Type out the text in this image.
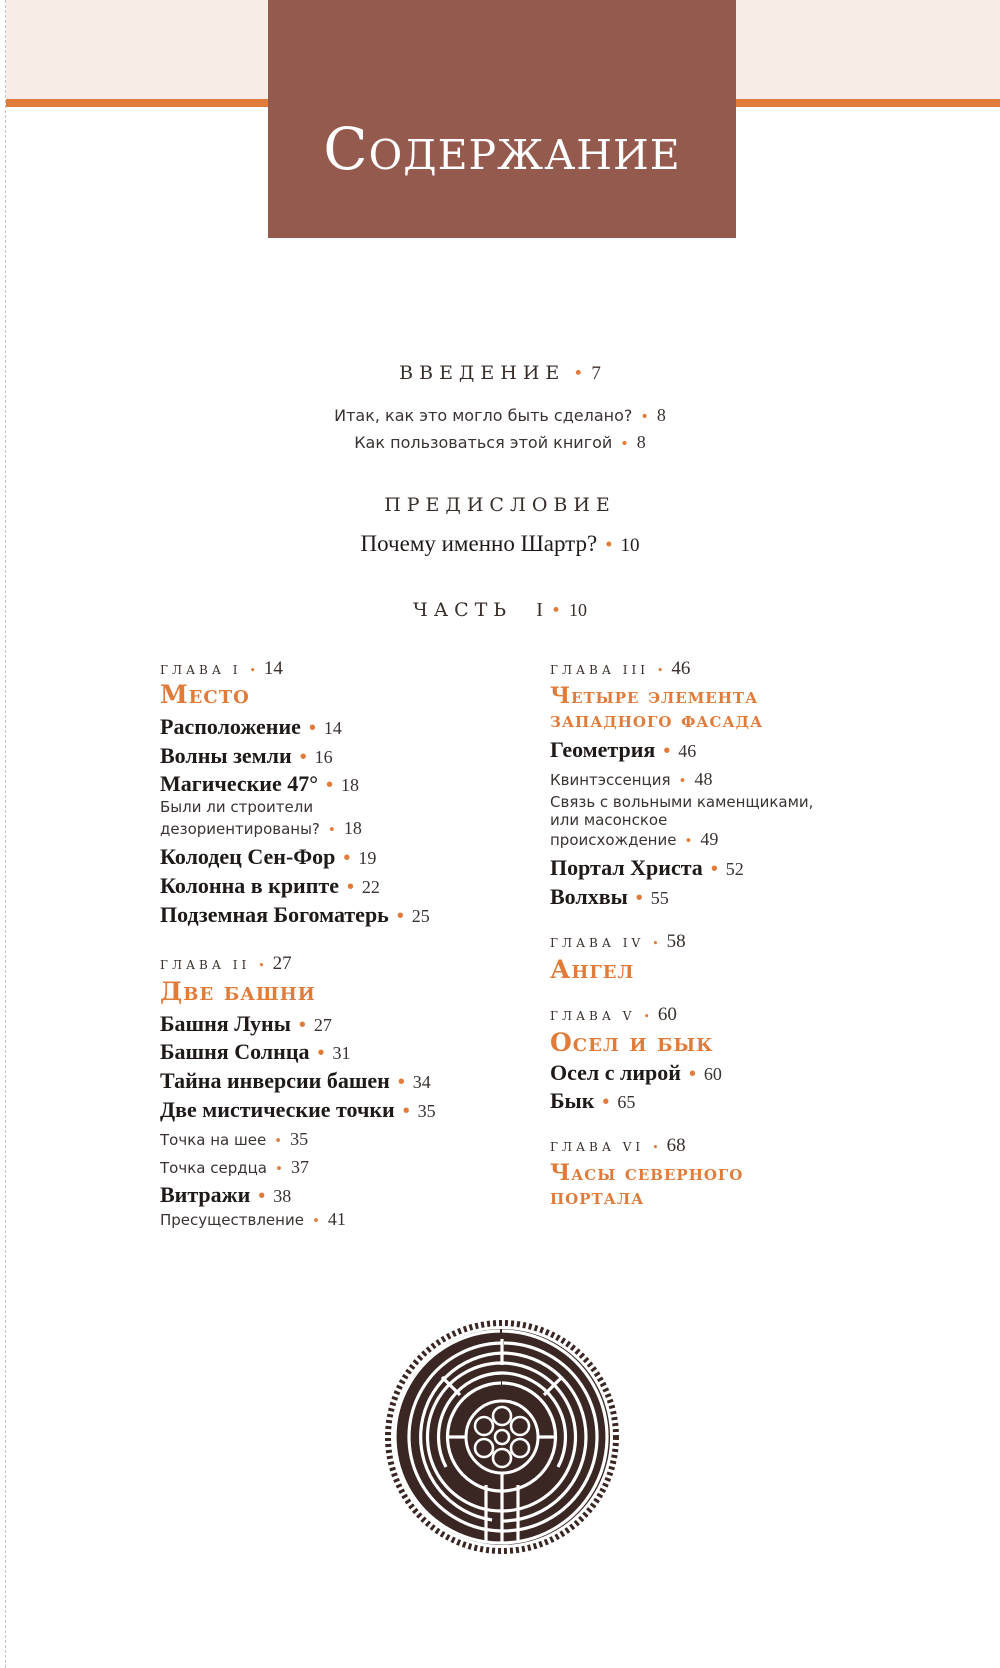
Содержание
ВВЕДЕНИЕ • 7
Итак, как это могло быть сделано? • 8
Как пользоваться этой книгой • 8
ПРЕДИСЛОВИЕ
Почему именно Шартр? • 10
ЧАСТЬ I • 10
ГЛАВА I • 14
Место
Расположение • 14
Волны земли • 16
Магические 47° • 18
Были ли строители дезориентированы? • 18
Колодец Сен-Фор • 19
Колонна в крипте • 22
Подземная Богоматерь • 25
ГЛАВА II • 27
Две башни
Башня Луны • 27
Башня Солнца • 31
Тайна инверсии башен • 34
Две мистические точки • 35
Точка на шее • 35
Точка сердца • 37
Витражи • 38
Пресуществление • 41
ГЛАВА III • 46
Четыре элемента западного фасада
Геометрия • 46
Квинтэссенция • 48
Связь с вольными каменщиками, или масонское происхождение • 49
Портал Христа • 52
Волхвы • 55
ГЛАВА IV • 58
Ангел
ГЛАВА V • 60
Осел и бык
Осел с лирой • 60
Бык • 65
ГЛАВА VI • 68
Часы северного портала
